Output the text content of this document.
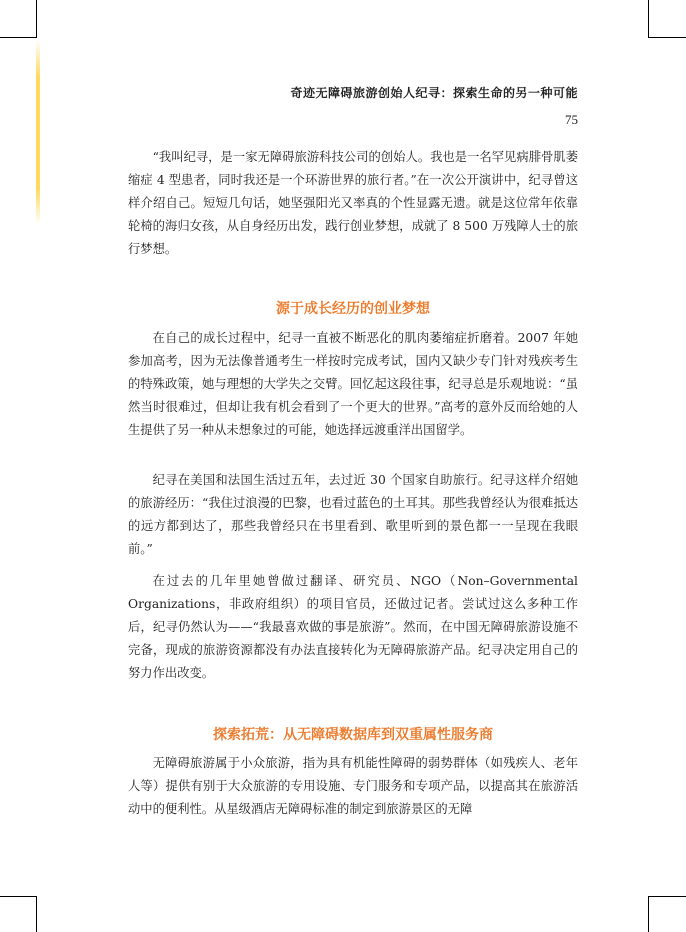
奇迹无障碍旅游创始人纪寻：探索生命的另一种可能
75

“我叫纪寻，是一家无障碍旅游科技公司的创始人。我也是一名罕见病腓骨肌萎缩症 4 型患者，同时我还是一个环游世界的旅行者。”在一次公开演讲中，纪寻曾这样介绍自己。短短几句话，她坚强阳光又率真的个性显露无遗。就是这位常年依靠轮椅的海归女孩，从自身经历出发，践行创业梦想，成就了 8 500 万残障人士的旅行梦想。

源于成长经历的创业梦想

在自己的成长过程中，纪寻一直被不断恶化的肌肉萎缩症折磨着。2007 年她参加高考，因为无法像普通考生一样按时完成考试，国内又缺少专门针对残疾考生的特殊政策，她与理想的大学失之交臂。回忆起这段往事，纪寻总是乐观地说：“虽然当时很难过，但却让我有机会看到了一个更大的世界。”高考的意外反而给她的人生提供了另一种从未想象过的可能，她选择远渡重洋出国留学。

纪寻在美国和法国生活过五年，去过近 30 个国家自助旅行。纪寻这样介绍她的旅游经历：“我住过浪漫的巴黎，也看过蓝色的土耳其。那些我曾经认为很难抵达的远方都到达了，那些我曾经只在书里看到、歌里听到的景色都一一呈现在我眼前。”

在过去的几年里她曾做过翻译、研究员、NGO（Non–Governmental Organizations，非政府组织）的项目官员，还做过记者。尝试过这么多种工作后，纪寻仍然认为——“我最喜欢做的事是旅游”。然而，在中国无障碍旅游设施不完备，现成的旅游资源都没有办法直接转化为无障碍旅游产品。纪寻决定用自己的努力作出改变。

探索拓荒：从无障碍数据库到双重属性服务商

无障碍旅游属于小众旅游，指为具有机能性障碍的弱势群体（如残疾人、老年人等）提供有别于大众旅游的专用设施、专门服务和专项产品，以提高其在旅游活动中的便利性。从星级酒店无障碍标准的制定到旅游景区的无障
